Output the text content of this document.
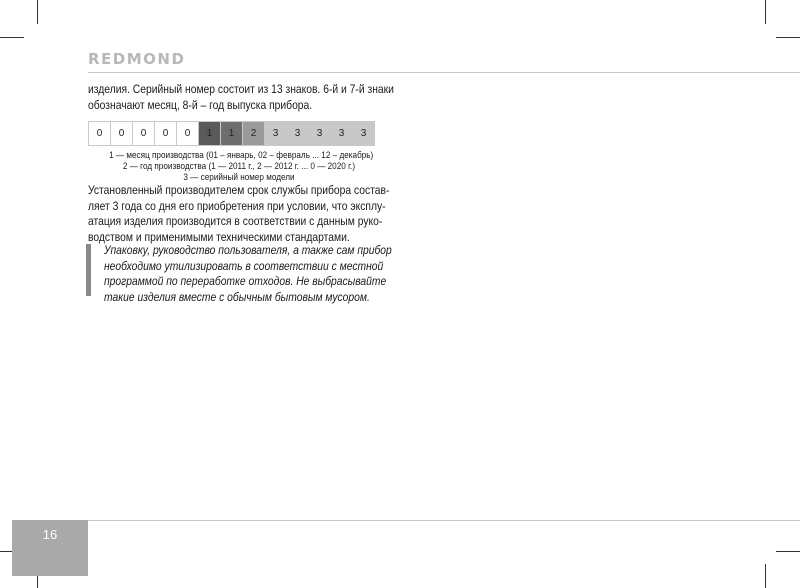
REDMOND

изделия. Серийный номер состоит из 13 знаков. 6-й и 7-й знаки

обозначают месяц, 8-й – год выпуска прибора.

0	0	0	0	0	1	1	2	3	3	3	3	3
1 — месяц производства (01 – январь, 02 – февраль ... 12 – декабрь)
2 — год производства (1 — 2011 г., 2 — 2012 г. ... 0 — 2020 г.)
3 — серийный номер модели

Установленный производителем срок службы прибора состав-

ляет 3 года со дня его приобретения при условии, что эксплу-

атация изделия производится в соответствии с данным руко-

водством и применимыми техническими стандартами.

Упаковку, руководство пользователя, а также сам прибор

необходимо утилизировать в соответствии с местной

программой по переработке отходов. Не выбрасывайте

такие изделия вместе с обычным бытовым мусором.

16
